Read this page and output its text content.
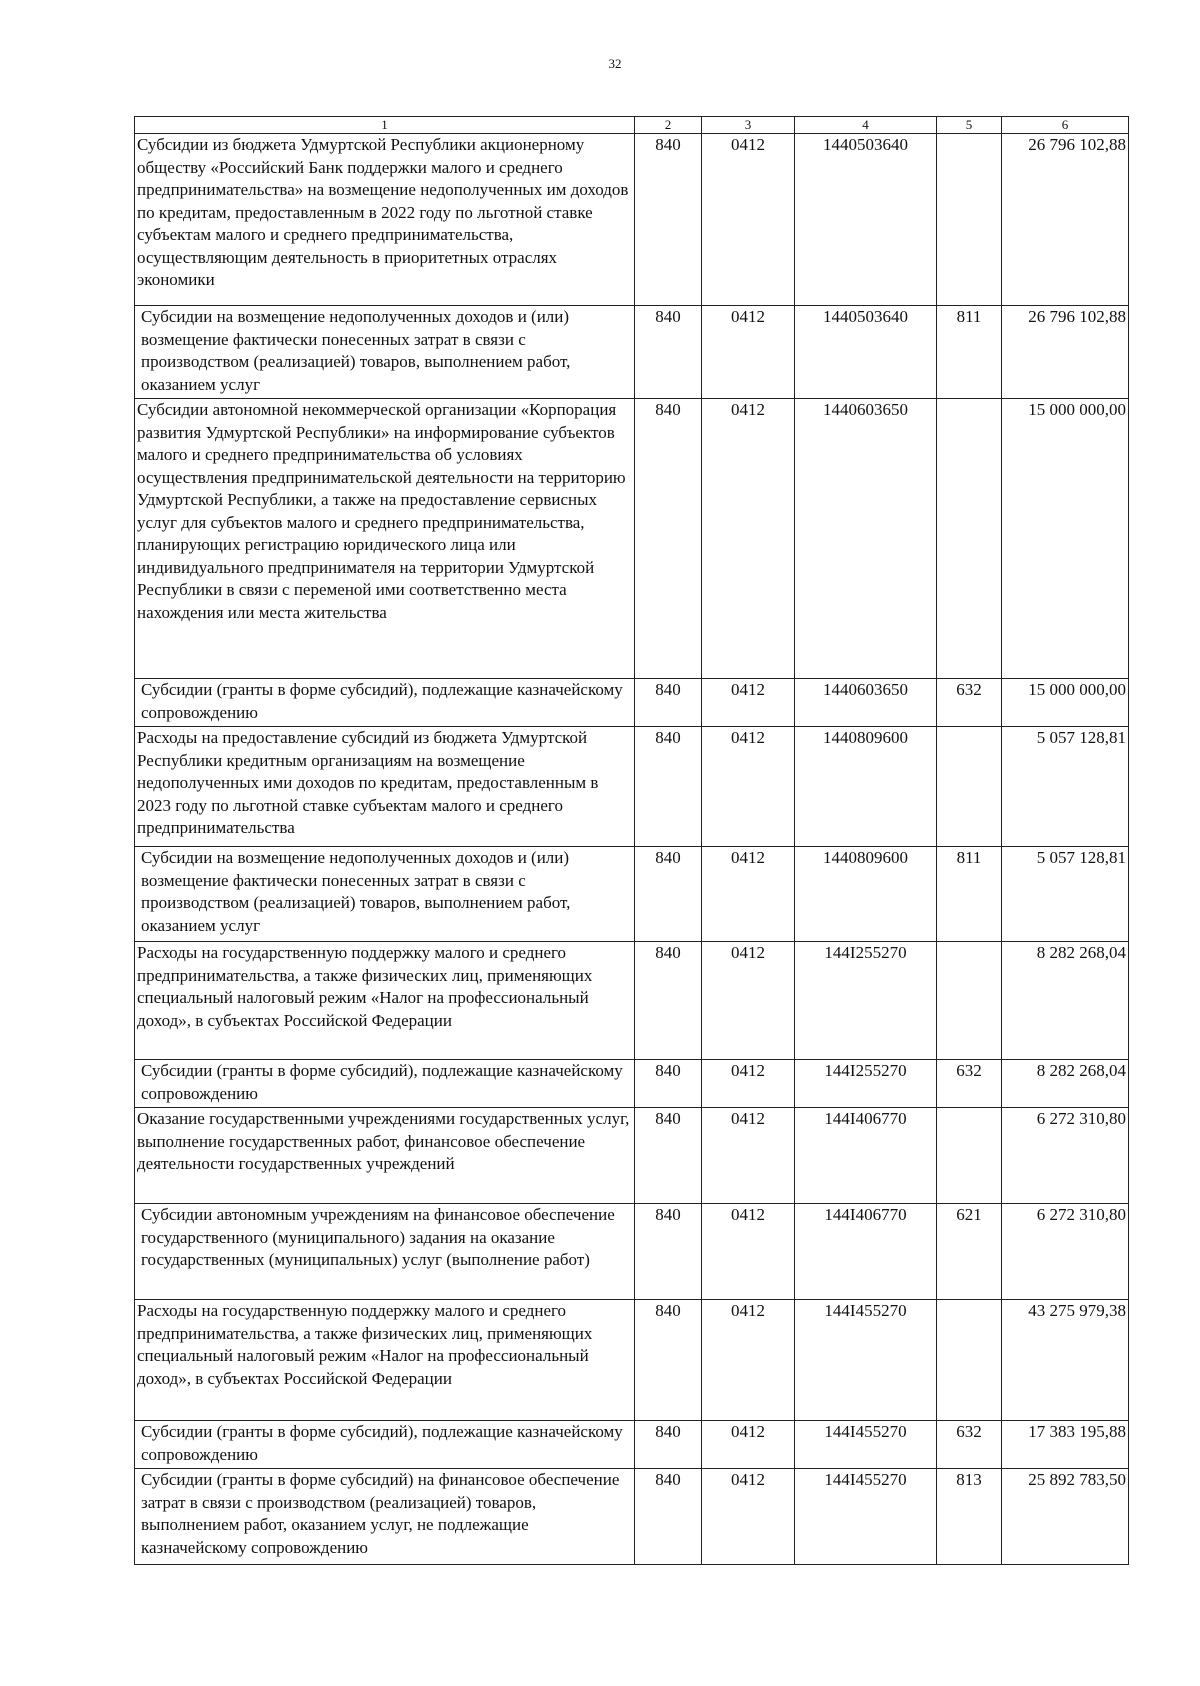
32
1	2	3	4	5	6
Субсидии из бюджета Удмуртской Республики акционерному обществу «Российский Банк поддержки малого и среднего предпринимательства» на возмещение недополученных им доходов по кредитам, предоставленным в 2022 году по льготной ставке субъектам малого и среднего предпринимательства, осуществляющим деятельность в приоритетных отраслях экономики	840	0412	1440503640		26 796 102,88
Субсидии на возмещение недополученных доходов и (или) возмещение фактически понесенных затрат в связи с производством (реализацией) товаров, выполнением работ, оказанием услуг	840	0412	1440503640	811	26 796 102,88
Субсидии автономной некоммерческой организации «Корпорация развития Удмуртской Республики» на информирование субъектов малого и среднего предпринимательства об условиях осуществления предпринимательской деятельности на территорию Удмуртской Республики, а также на предоставление сервисных услуг для субъектов малого и среднего предпринимательства, планирующих регистрацию юридического лица или индивидуального предпринимателя на территории Удмуртской Республики в связи с переменой ими соответственно места нахождения или места жительства	840	0412	1440603650		15 000 000,00
Субсидии (гранты в форме субсидий), подлежащие казначейскому сопровождению	840	0412	1440603650	632	15 000 000,00
Расходы на предоставление субсидий из бюджета Удмуртской Республики кредитным организациям на возмещение недополученных ими доходов по кредитам, предоставленным в 2023 году по льготной ставке субъектам малого и среднего предпринимательства	840	0412	1440809600		5 057 128,81
Субсидии на возмещение недополученных доходов и (или) возмещение фактически понесенных затрат в связи с производством (реализацией) товаров, выполнением работ, оказанием услуг	840	0412	1440809600	811	5 057 128,81
Расходы на государственную поддержку малого и среднего предпринимательства, а также физических лиц, применяющих специальный налоговый режим «Налог на профессиональный доход», в субъектах Российской Федерации	840	0412	144I255270		8 282 268,04
Субсидии (гранты в форме субсидий), подлежащие казначейскому сопровождению	840	0412	144I255270	632	8 282 268,04
Оказание государственными учреждениями государственных услуг, выполнение государственных работ, финансовое обеспечение деятельности государственных учреждений	840	0412	144I406770		6 272 310,80
Субсидии автономным учреждениям на финансовое обеспечение государственного (муниципального) задания на оказание государственных (муниципальных) услуг (выполнение работ)	840	0412	144I406770	621	6 272 310,80
Расходы на государственную поддержку малого и среднего предпринимательства, а также физических лиц, применяющих специальный налоговый режим «Налог на профессиональный доход», в субъектах Российской Федерации	840	0412	144I455270		43 275 979,38
Субсидии (гранты в форме субсидий), подлежащие казначейскому сопровождению	840	0412	144I455270	632	17 383 195,88
Субсидии (гранты в форме субсидий) на финансовое обеспечение затрат в связи с производством (реализацией) товаров, выполнением работ, оказанием услуг, не подлежащие казначейскому сопровождению	840	0412	144I455270	813	25 892 783,50
